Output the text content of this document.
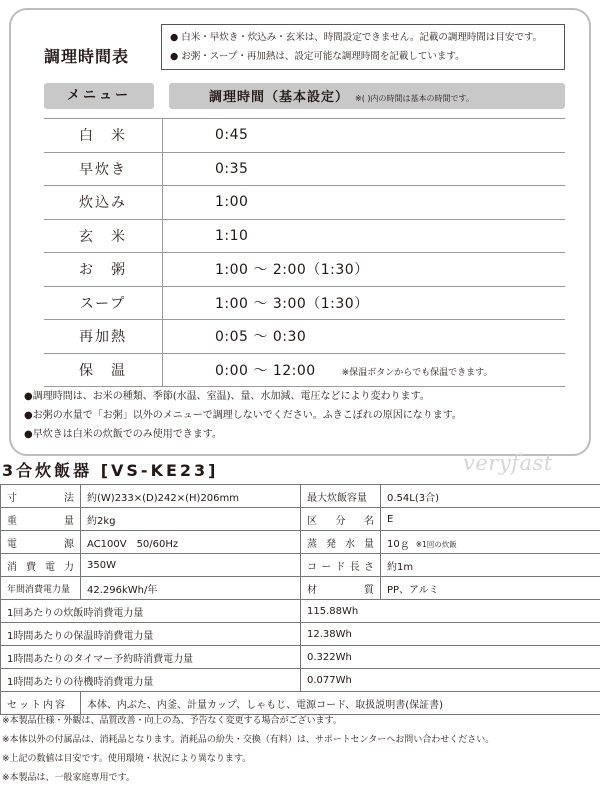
調理時間表
● 白米・早炊き・炊込み・玄米は、時間設定できません。記載の調理時間は目安です。
● お粥・スープ・再加熱は、設定可能な調理時間を記載しています。
メニュー	調理時間（基本設定） ※( )内の時間は基本の時間です。
白　米	0:45
早炊き	0:35
炊込み	1:00
玄　米	1:10
お　粥	1:00 ～ 2:00（1:30）
スープ	1:00 ～ 3:00（1:30）
再加熱	0:05 ～ 0:30
保　温	0:00 ～ 12:00 ※保温ボタンからでも保温できます。
●調理時間は、お米の種類、季節(水温、室温)、量、水加減、電圧などにより変わります。
●お粥の水量で「お粥」以外のメニューで調理しないでください。ふきこぼれの原因になります。
●早炊きは白米の炊飯でのみ使用できます。
3合炊飯器 [VS-KE23]	veryfast
寸法	約(W)233×(D)242×(H)206mm	最大炊飯容量	0.54L(3合)
重量	約2kg	区分名	E
電源	AC100V　50/60Hz	蒸発水量	10ｇ ※1回の炊飯
消費電力	350W	コード長さ	約1m
年間消費電力量	42.296kWh/年	材質	PP、アルミ
1回あたりの炊飯時消費電力量		115.88Wh	
1時間あたりの保温時消費電力量		12.38Wh	
1時間あたりのタイマー予約時消費電力量		0.322Wh	
1時間あたりの待機時消費電力量		0.077Wh	
セット内容	本体、内ぶた、内釜、計量カップ、しゃもじ、電源コード、取扱説明書(保証書)		
※本製品仕様・外観は、品質改善・向上の為、予告なく変更する場合がございます。
※本体以外の付属品は、消耗品となります。消耗品の紛失・交換（有料）は、サポートセンターへお問い合わせください。
※上記の数値は目安です。使用環境・状況により異なります。
※本製品は、一般家庭専用です。
